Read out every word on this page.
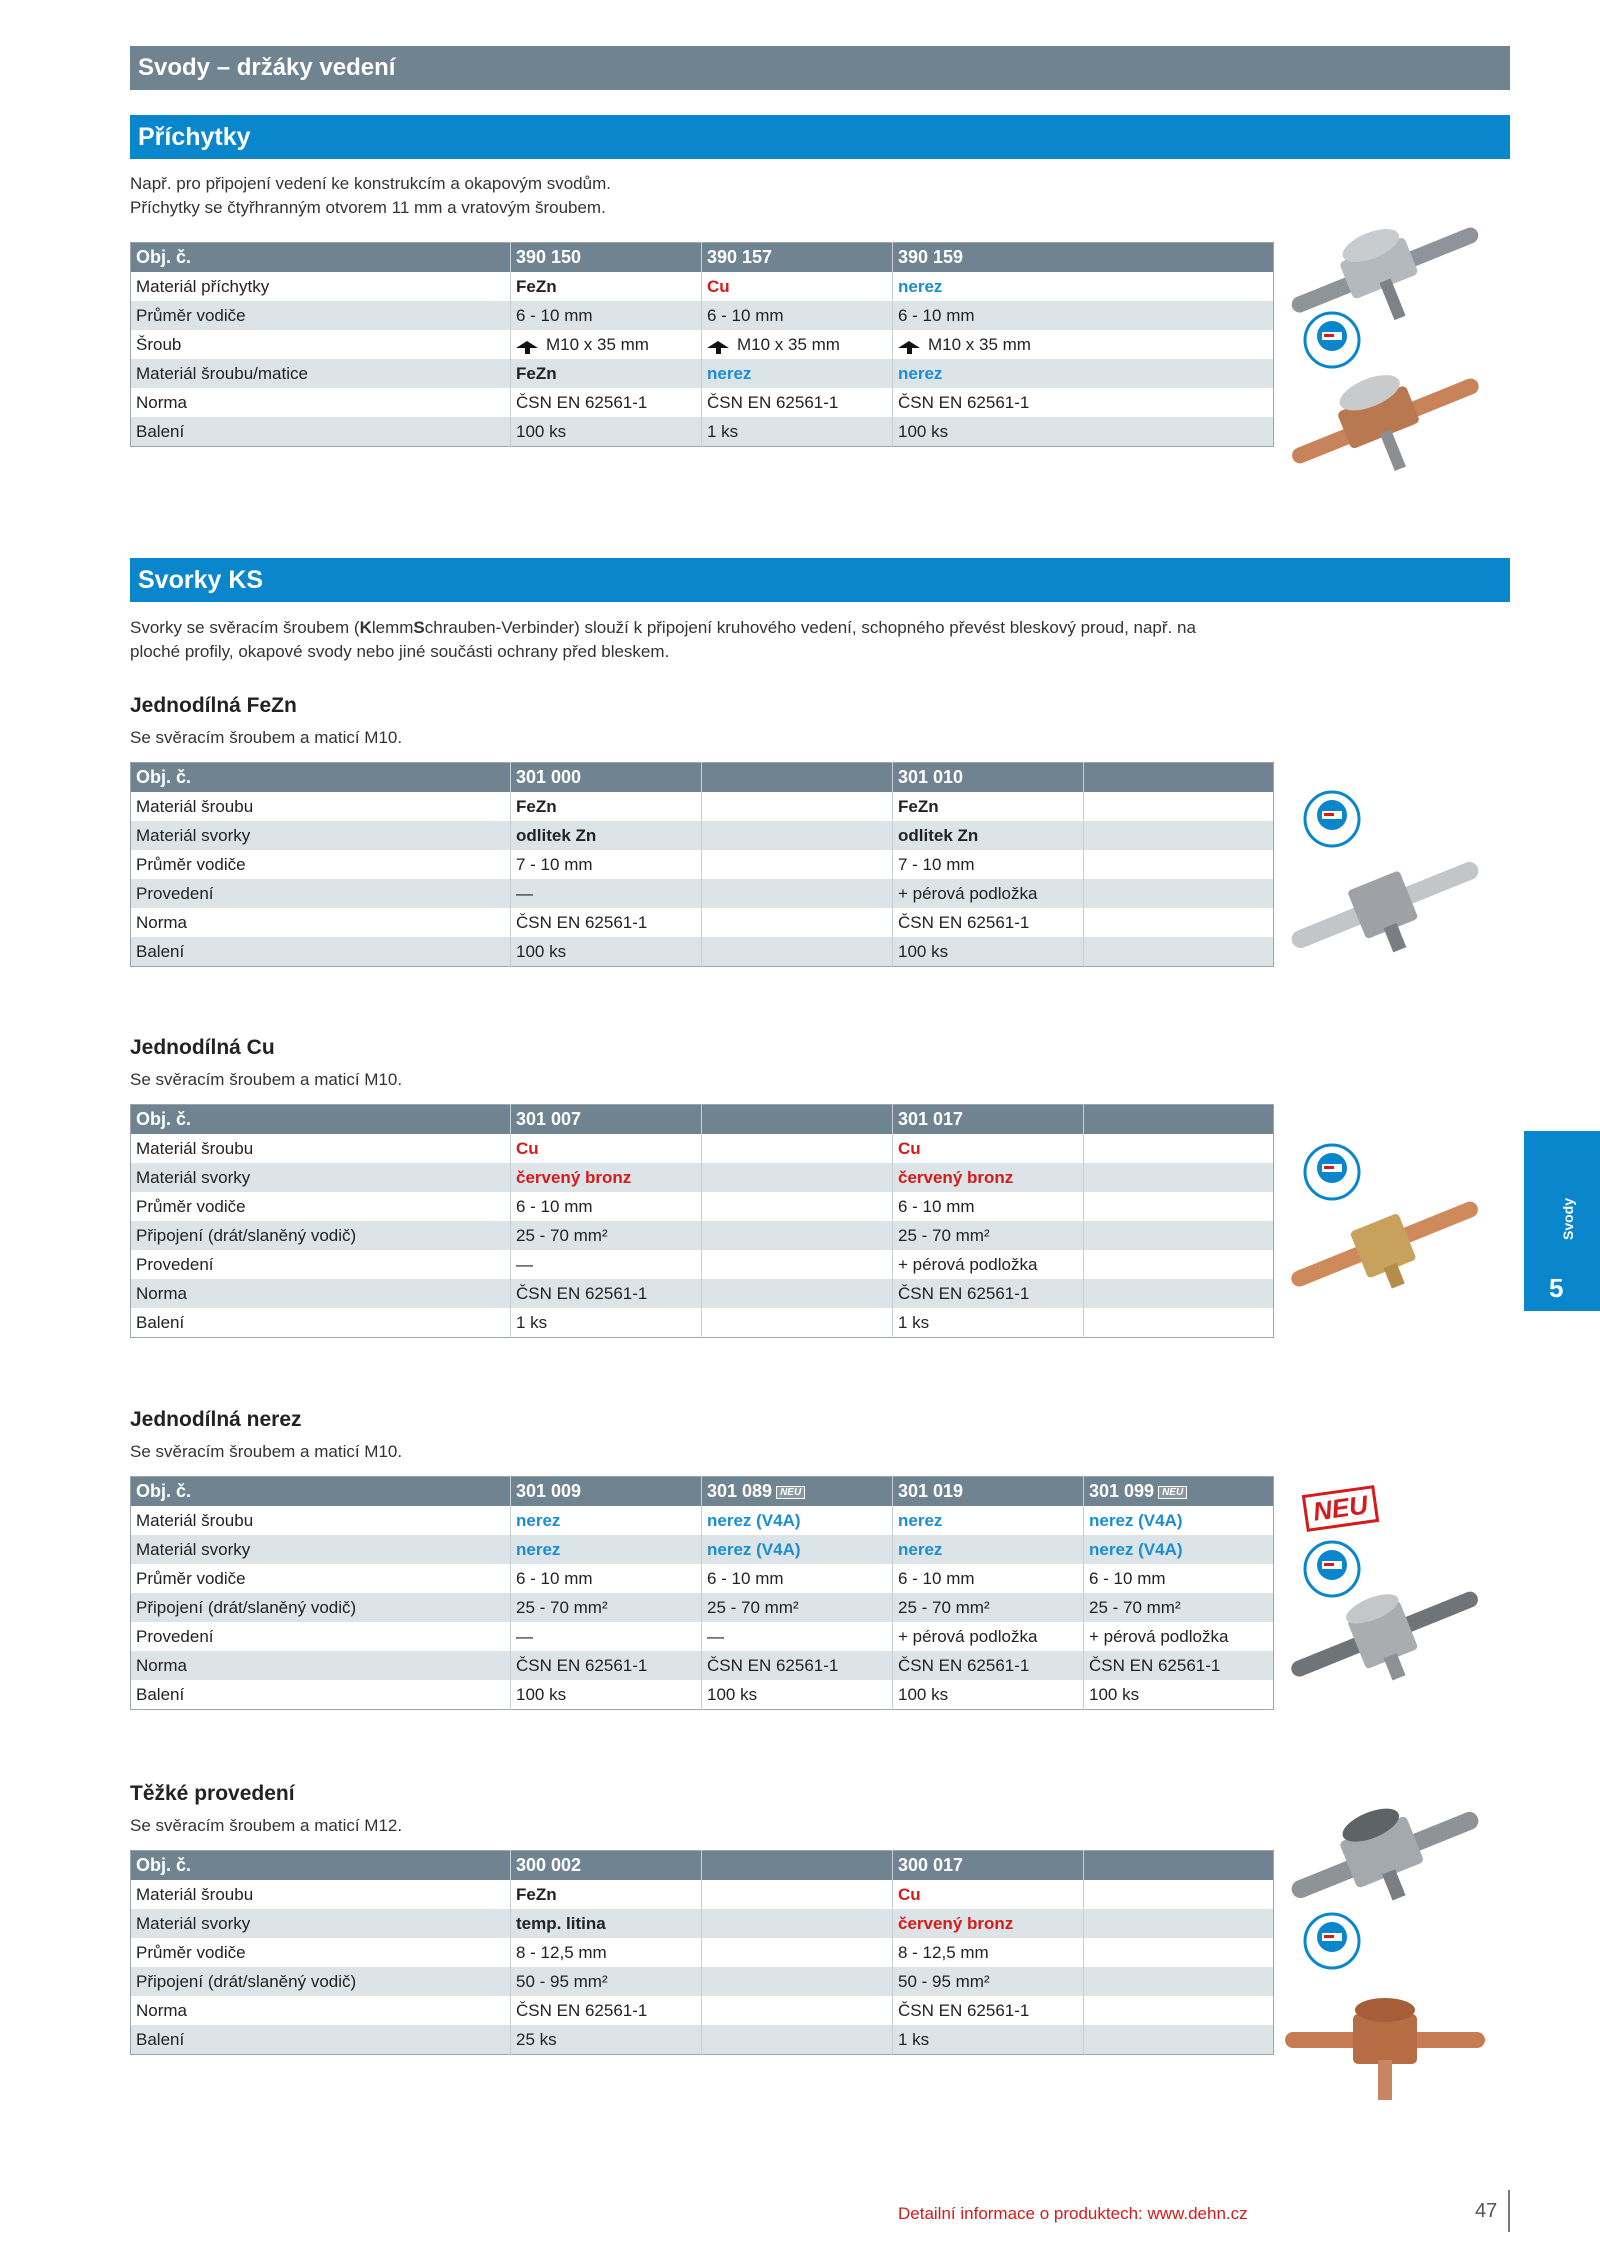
Svody – držáky vedení
Příchytky
Např. pro připojení vedení ke konstrukcím a okapovým svodům.
Příchytky se čtyřhranným otvorem 11 mm a vratovým šroubem.
Obj. č.	390 150	390 157	390 159
Materiál příchytky	FeZn	Cu	nerez
Průměr vodiče	6 - 10 mm	6 - 10 mm	6 - 10 mm
Šroub	M10 x 35 mm	M10 x 35 mm	M10 x 35 mm
Materiál šroubu/matice	FeZn	nerez	nerez
Norma	ČSN EN 62561-1	ČSN EN 62561-1	ČSN EN 62561-1
Balení	100 ks	1 ks	100 ks
Svorky KS
Svorky se svěracím šroubem (KlemmSchrauben-Verbinder) slouží k připojení kruhového vedení, schopného převést bleskový proud, např. na
ploché profily, okapové svody nebo jiné součásti ochrany před bleskem.
Jednodílná FeZn
Se svěracím šroubem a maticí M10.
Obj. č.	301 000		301 010	
Materiál šroubu	FeZn		FeZn	
Materiál svorky	odlitek Zn		odlitek Zn	
Průměr vodiče	7 - 10 mm		7 - 10 mm	
Provedení	—		+ pérová podložka	
Norma	ČSN EN 62561-1		ČSN EN 62561-1	
Balení	100 ks		100 ks	
Jednodílná Cu
Se svěracím šroubem a maticí M10.
Obj. č.	301 007		301 017	
Materiál šroubu	Cu		Cu	
Materiál svorky	červený bronz		červený bronz	
Průměr vodiče	6 - 10 mm		6 - 10 mm	
Připojení (drát/slaněný vodič)	25 - 70 mm²		25 - 70 mm²	
Provedení	—		+ pérová podložka	
Norma	ČSN EN 62561-1		ČSN EN 62561-1	
Balení	1 ks		1 ks	
Jednodílná nerez
Se svěracím šroubem a maticí M10.
Obj. č.	301 009	301 089 NEU	301 019	301 099 NEU
Materiál šroubu	nerez	nerez (V4A)	nerez	nerez (V4A)
Materiál svorky	nerez	nerez (V4A)	nerez	nerez (V4A)
Průměr vodiče	6 - 10 mm	6 - 10 mm	6 - 10 mm	6 - 10 mm
Připojení (drát/slaněný vodič)	25 - 70 mm²	25 - 70 mm²	25 - 70 mm²	25 - 70 mm²
Provedení	—	—	+ pérová podložka	+ pérová podložka
Norma	ČSN EN 62561-1	ČSN EN 62561-1	ČSN EN 62561-1	ČSN EN 62561-1
Balení	100 ks	100 ks	100 ks	100 ks
Těžké provedení
Se svěracím šroubem a maticí M12.
Obj. č.	300 002		300 017	
Materiál šroubu	FeZn		Cu	
Materiál svorky	temp. litina		červený bronz	
Průměr vodiče	8 - 12,5 mm		8 - 12,5 mm	
Připojení (drát/slaněný vodič)	50 - 95 mm²		50 - 95 mm²	
Norma	ČSN EN 62561-1		ČSN EN 62561-1	
Balení	25 ks		1 ks	
NEU
Svody
5
Detailní informace o produktech: www.dehn.cz	47
